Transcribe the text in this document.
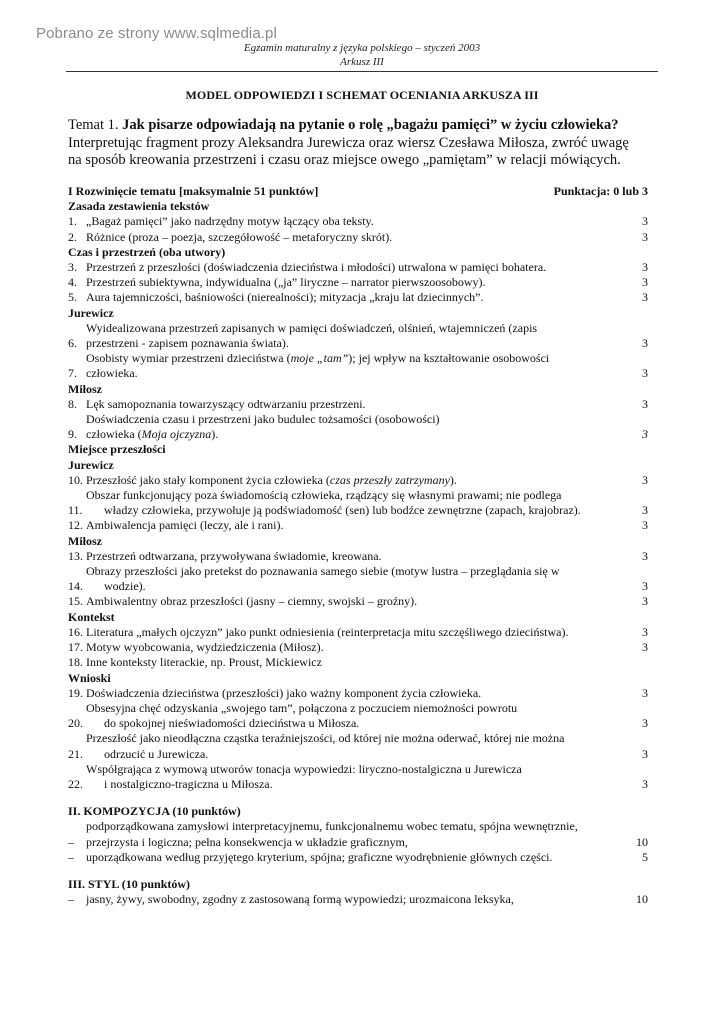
Pobrano ze strony www.sqlmedia.pl
Egzamin maturalny z języka polskiego – styczeń 2003
Arkusz III
MODEL ODPOWIEDZI I SCHEMAT OCENIANIA ARKUSZA III
Temat 1. Jak pisarze odpowiadają na pytanie o rolę „bagażu pamięci” w życiu człowieka?
Interpretując fragment prozy Aleksandra Jurewicza oraz wiersz Czesława Miłosza, zwróć uwagę
na sposób kreowania przestrzeni i czasu oraz miejsce owego „pamiętam” w relacji mówiących.
I Rozwinięcie tematu [maksymalnie 51 punktów]	Punktacja: 0 lub 3
Zasada zestawienia tekstów
1. „Bagaż pamięci” jako nadrzędny motyw łączący oba teksty.	3
2. Różnice (proza – poezja, szczegółowość – metaforyczny skrót).	3
Czas i przestrzeń (oba utwory)
3. Przestrzeń z przeszłości (doświadczenia dzieciństwa i młodości) utrwalona w pamięci bohatera.	3
4. Przestrzeń subiektywna, indywidualna („ja” liryczne – narrator pierwszoosobowy).	3
5. Aura tajemniczości, baśniowości (nierealności); mityzacja „kraju lat dziecinnych”.	3
Jurewicz
6.
Wyidealizowana przestrzeń zapisanych w pamięci doświadczeń, olśnień, wtajemniczeń (zapis
przestrzeni - zapisem poznawania świata).	3
7.
Osobisty wymiar przestrzeni dzieciństwa (moje „tam”); jej wpływ na kształtowanie osobowości
człowieka.	3
Miłosz
8. Lęk samopoznania towarzyszący odtwarzaniu przestrzeni.	3
9.
Doświadczenia czasu i przestrzeni jako budulec tożsamości (osobowości)
człowieka (Moja ojczyzna).	3
Miejsce przeszłości
Jurewicz
10. Przeszłość jako stały komponent życia człowieka (czas przeszły zatrzymany).	3
11.
Obszar funkcjonujący poza świadomością człowieka, rządzący się własnymi prawami; nie podlega
władzy człowieka, przywołuje ją podświadomość (sen) lub bodźce zewnętrzne (zapach, krajobraz).	3
12. Ambiwalencja pamięci (leczy, ale i rani).	3
Miłosz
13. Przestrzeń odtwarzana, przywoływana świadomie, kreowana.	3
14.
Obrazy przeszłości jako pretekst do poznawania samego siebie (motyw lustra – przeglądania się w
wodzie).	3
15. Ambiwalentny obraz przeszłości (jasny – ciemny, swojski – groźny).	3
Kontekst
16. Literatura „małych ojczyzn” jako punkt odniesienia (reinterpretacja mitu szczęśliwego dzieciństwa).	3
17. Motyw wyobcowania, wydziedziczenia (Miłosz).	3
18. Inne konteksty literackie, np. Proust, Mickiewicz
Wnioski
19. Doświadczenia dzieciństwa (przeszłości) jako ważny komponent życia człowieka.	3
20.
Obsesyjna chęć odzyskania „swojego tam”, połączona z poczuciem niemożności powrotu
do spokojnej nieświadomości dzieciństwa u Miłosza.	3
21.
Przeszłość jako nieodłączna cząstka teraźniejszości, od której nie można oderwać, której nie można
odrzucić u Jurewicza.	3
22.
Współgrająca z wymową utworów tonacja wypowiedzi: liryczno-nostalgiczna u Jurewicza
i nostalgiczno-tragiczna u Miłosza.	3
II. KOMPOZYCJA (10 punktów)
–
podporządkowana zamysłowi interpretacyjnemu, funkcjonalnemu wobec tematu, spójna wewnętrznie,
przejrzysta i logiczna; pełna konsekwencja w układzie graficznym,	10
–	uporządkowana według przyjętego kryterium, spójna; graficzne wyodrębnienie głównych części.	5
III. STYL (10 punktów)
–	jasny, żywy, swobodny, zgodny z zastosowaną formą wypowiedzi; urozmaicona leksyka,	10
